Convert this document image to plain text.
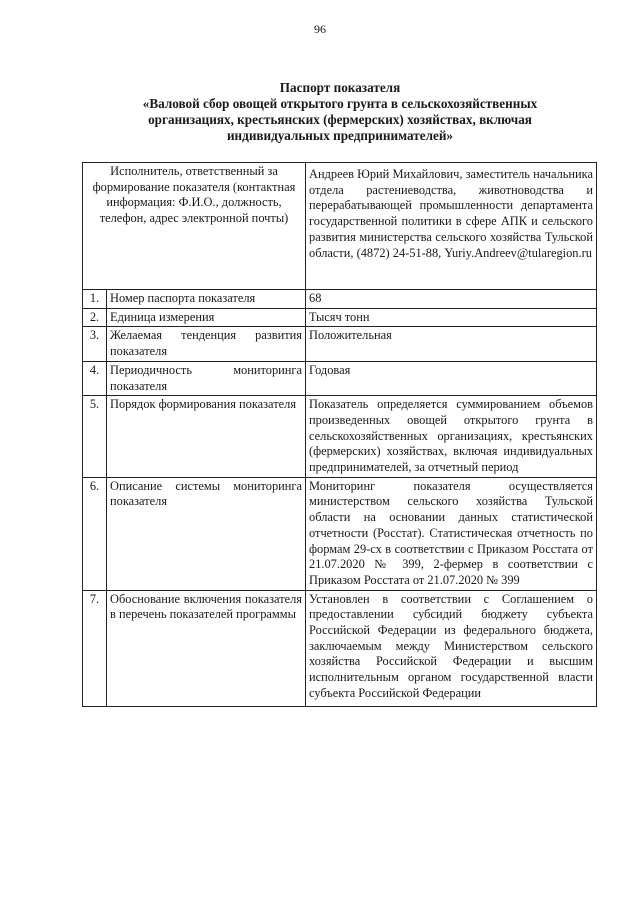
96
Паспорт показателя
«Валовой сбор овощей открытого грунта в сельскохозяйственных
организациях, крестьянских (фермерских) хозяйствах, включая
индивидуальных предпринимателей»
Исполнитель, ответственный за формирование показателя (контактная информация: Ф.И.О., должность, телефон, адрес электронной почты)		Андреев Юрий Михайлович, заместитель начальника отдела растениеводства, животноводства и перерабатывающей промышленности департамента государственной политики в сфере АПК и сельского развития министерства сельского хозяйства Тульской области, (4872) 24-51-88, Yuriy.Andreev@tularegion.ru
1.	Номер паспорта показателя	68
2.	Единица измерения	Тысяч тонн
3.	Желаемая тенденция развития показателя	Положительная
4.	Периодичность мониторинга показателя	Годовая
5.	Порядок формирования показателя	Показатель определяется суммированием объемов произведенных овощей открытого грунта в сельскохозяйственных организациях, крестьянских (фермерских) хозяйствах, включая индивидуальных предпринимателей, за отчетный период
6.	Описание системы мониторинга показателя	Мониторинг показателя осуществляется министерством сельского хозяйства Тульской области на основании данных статистической отчетности (Росстат). Статистическая отчетность по формам 29-сх в соответствии с Приказом Росстата от 21.07.2020 № 399, 2-фермер в соответствии с Приказом Росстата от 21.07.2020 № 399
7.	Обоснование включения показателя в перечень показателей программы	Установлен в соответствии с Соглашением о предоставлении субсидий бюджету субъекта Российской Федерации из федерального бюджета, заключаемым между Министерством сельского хозяйства Российской Федерации и высшим исполнительным органом государственной власти субъекта Российской Федерации
